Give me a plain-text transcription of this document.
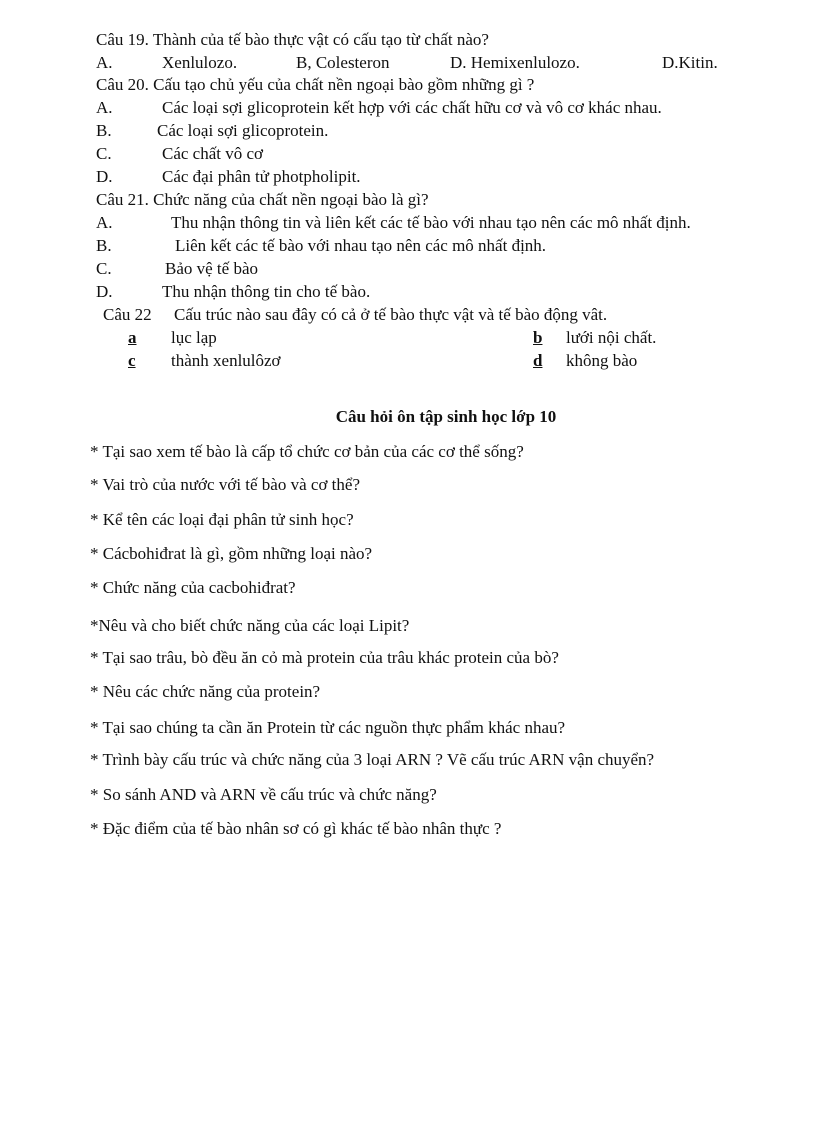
Câu 19. Thành của tế bào thực vật có cấu tạo từ chất nào?
A.	Xenlulozo.	B, Colesteron	D. Hemixenlulozo.	D.Kitin.
Câu 20. Cấu tạo chủ yếu của chất nền ngoại bào gồm những gì ?
A.	Các loại sợi glicoprotein kết hợp với các chất hữu cơ và vô cơ khác nhau.
B.	Các loại sợi glicoprotein.
C.	Các chất vô cơ
D.	Các đại phân tử photpholipit.
Câu 21. Chức năng của chất nền ngoại bào là gì?
A.	Thu nhận thông tin và liên kết các tế bào với nhau tạo nên các mô nhất định.
B.	Liên kết các tế bào với nhau tạo nên các mô nhất định.
C.	Bảo vệ tế bào
D.	Thu nhận thông tin cho tế bào.
Câu 22 Cấu trúc nào sau đây có cả ở tế bào thực vật và tế bào động vât.
a lục lạp	b lưới nội chất.
c thành xenlulôzơ	d không bào
Câu hỏi ôn tập sinh học lớp 10
* Tại sao xem tế bào là cấp tổ chức cơ bản của các cơ thể sống?
* Vai trò của nước với tế bào và cơ thể?
* Kể tên các loại đại phân tử sinh học?
* Cácbohiđrat là gì, gồm những loại nào?
* Chức năng của cacbohiđrat?
*Nêu và cho biết chức năng của các loại Lipit?
* Tại sao trâu, bò đều ăn cỏ mà protein của trâu khác protein của bò?
* Nêu các chức năng của protein?
* Tại sao chúng ta cần ăn Protein từ các nguồn thực phẩm khác nhau?
* Trình bày cấu trúc và chức năng của 3 loại ARN ? Vẽ cấu trúc ARN vận chuyển?
* So sánh AND và ARN về cấu trúc và chức năng?
* Đặc điểm của tế bào nhân sơ có gì khác tế bào nhân thực ?
